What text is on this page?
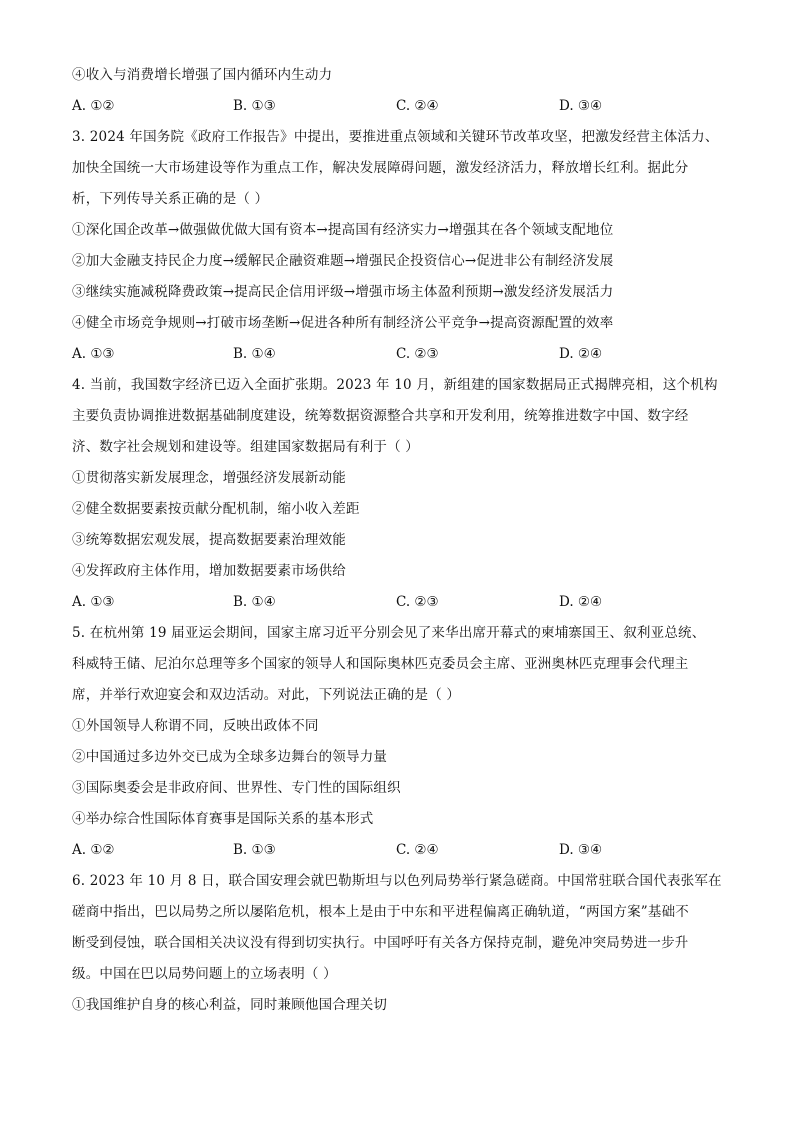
④收入与消费增长增强了国内循环内生动力
A. ①②	B. ①③	C. ②④	D. ③④
3. 2024 年国务院《政府工作报告》中提出，要推进重点领域和关键环节改革攻坚，把激发经营主体活力、
加快全国统一大市场建设等作为重点工作，解决发展障碍问题，激发经济活力，释放增长红利。据此分
析，下列传导关系正确的是（ ）
①深化国企改革→做强做优做大国有资本→提高国有经济实力→增强其在各个领域支配地位
②加大金融支持民企力度→缓解民企融资难题→增强民企投资信心→促进非公有制经济发展
③继续实施减税降费政策→提高民企信用评级→增强市场主体盈利预期→激发经济发展活力
④健全市场竞争规则→打破市场垄断→促进各种所有制经济公平竞争→提高资源配置的效率
A. ①③	B. ①④	C. ②③	D. ②④
4. 当前，我国数字经济已迈入全面扩张期。2023 年 10 月，新组建的国家数据局正式揭牌亮相，这个机构
主要负责协调推进数据基础制度建设，统筹数据资源整合共享和开发利用，统筹推进数字中国、数字经
济、数字社会规划和建设等。组建国家数据局有利于（ ）
①贯彻落实新发展理念，增强经济发展新动能
②健全数据要素按贡献分配机制，缩小收入差距
③统筹数据宏观发展，提高数据要素治理效能
④发挥政府主体作用，增加数据要素市场供给
A. ①③	B. ①④	C. ②③	D. ②④
5. 在杭州第 19 届亚运会期间，国家主席习近平分别会见了来华出席开幕式的柬埔寨国王、叙利亚总统、
科威特王储、尼泊尔总理等多个国家的领导人和国际奥林匹克委员会主席、亚洲奥林匹克理事会代理主
席，并举行欢迎宴会和双边活动。对此，下列说法正确的是（ ）
①外国领导人称谓不同，反映出政体不同
②中国通过多边外交已成为全球多边舞台的领导力量
③国际奥委会是非政府间、世界性、专门性的国际组织
④举办综合性国际体育赛事是国际关系的基本形式
A. ①②	B. ①③	C. ②④	D. ③④
6. 2023 年 10 月 8 日，联合国安理会就巴勒斯坦与以色列局势举行紧急磋商。中国常驻联合国代表张军在
磋商中指出，巴以局势之所以屡陷危机，根本上是由于中东和平进程偏离正确轨道，“两国方案”基础不
断受到侵蚀，联合国相关决议没有得到切实执行。中国呼吁有关各方保持克制，避免冲突局势进一步升
级。中国在巴以局势问题上的立场表明（ ）
①我国维护自身的核心利益，同时兼顾他国合理关切
